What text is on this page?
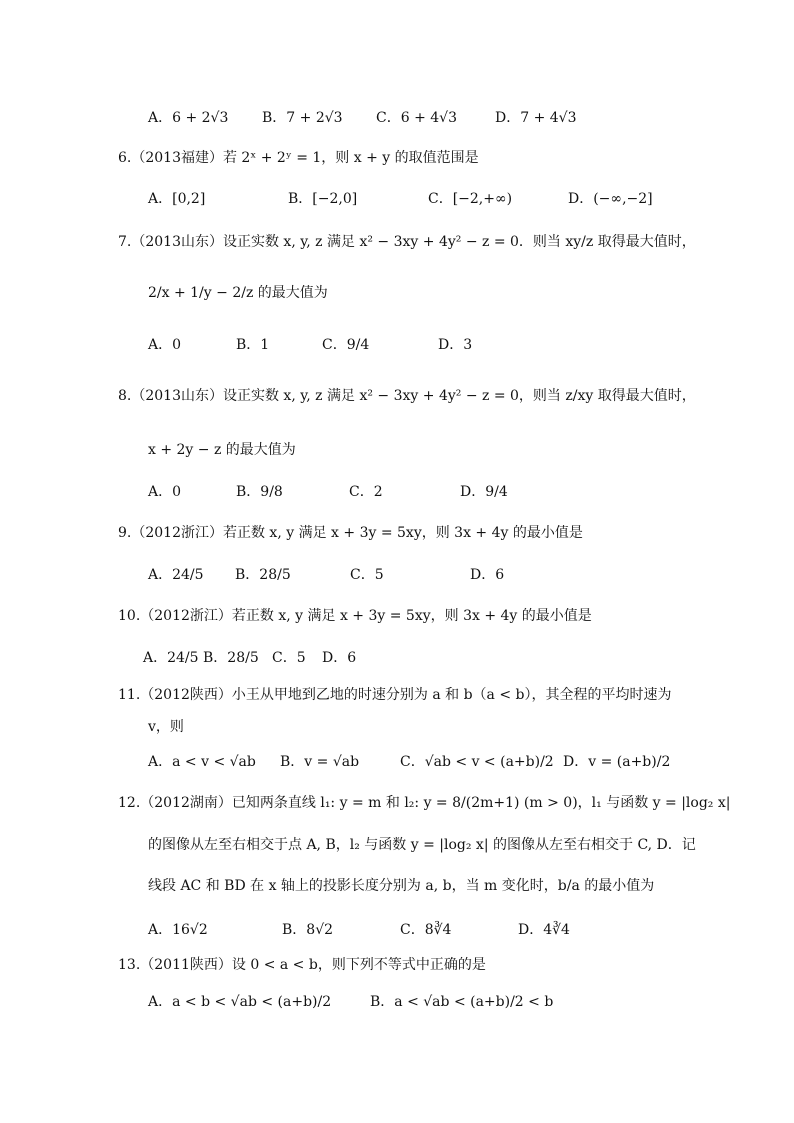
A．6 + 2√3 B．7 + 2√3 C．6 + 4√3	D．7 + 4√3
6.（2013福建）若 2ˣ + 2ʸ = 1，则 x + y 的取值范围是
A．[0,2]	B．[−2,0]	C．[−2,+∞)	D．(−∞,−2]
7.（2013山东）设正实数 x, y, z 满足 x² − 3xy + 4y² − z = 0．则当 xy/z 取得最大值时，
2/x + 1/y − 2/z 的最大值为
A．0	B．1	C．9/4	D．3
8.（2013山东）设正实数 x, y, z 满足 x² − 3xy + 4y² − z = 0，则当 z/xy 取得最大值时，
x + 2y − z 的最大值为
A．0	B．9/8	C．2	D．9/4
9.（2012浙江）若正数 x, y 满足 x + 3y = 5xy，则 3x + 4y 的最小值是
A．24/5 B．28/5	C．5	D．6
10.（2012浙江）若正数 x, y 满足 x + 3y = 5xy，则 3x + 4y 的最小值是
A．24/5 B．28/5 C．5 D．6
11.（2012陕西）小王从甲地到乙地的时速分别为 a 和 b（a < b），其全程的平均时速为
v，则
A．a < v < √ab B．v = √ab	C．√ab < v < (a+b)/2 D．v = (a+b)/2
12.（2012湖南）已知两条直线 l₁: y = m 和 l₂: y = 8/(2m+1) (m > 0)，l₁ 与函数 y = |log₂ x|
的图像从左至右相交于点 A, B，l₂ 与函数 y = |log₂ x| 的图像从左至右相交于 C, D．记
线段 AC 和 BD 在 x 轴上的投影长度分别为 a, b，当 m 变化时，b/a 的最小值为
A．16√2	B．8√2	C．8∛4	D．4∛4
13.（2011陕西）设 0 < a < b，则下列不等式中正确的是
A．a < b < √ab < (a+b)/2	B．a < √ab < (a+b)/2 < b
